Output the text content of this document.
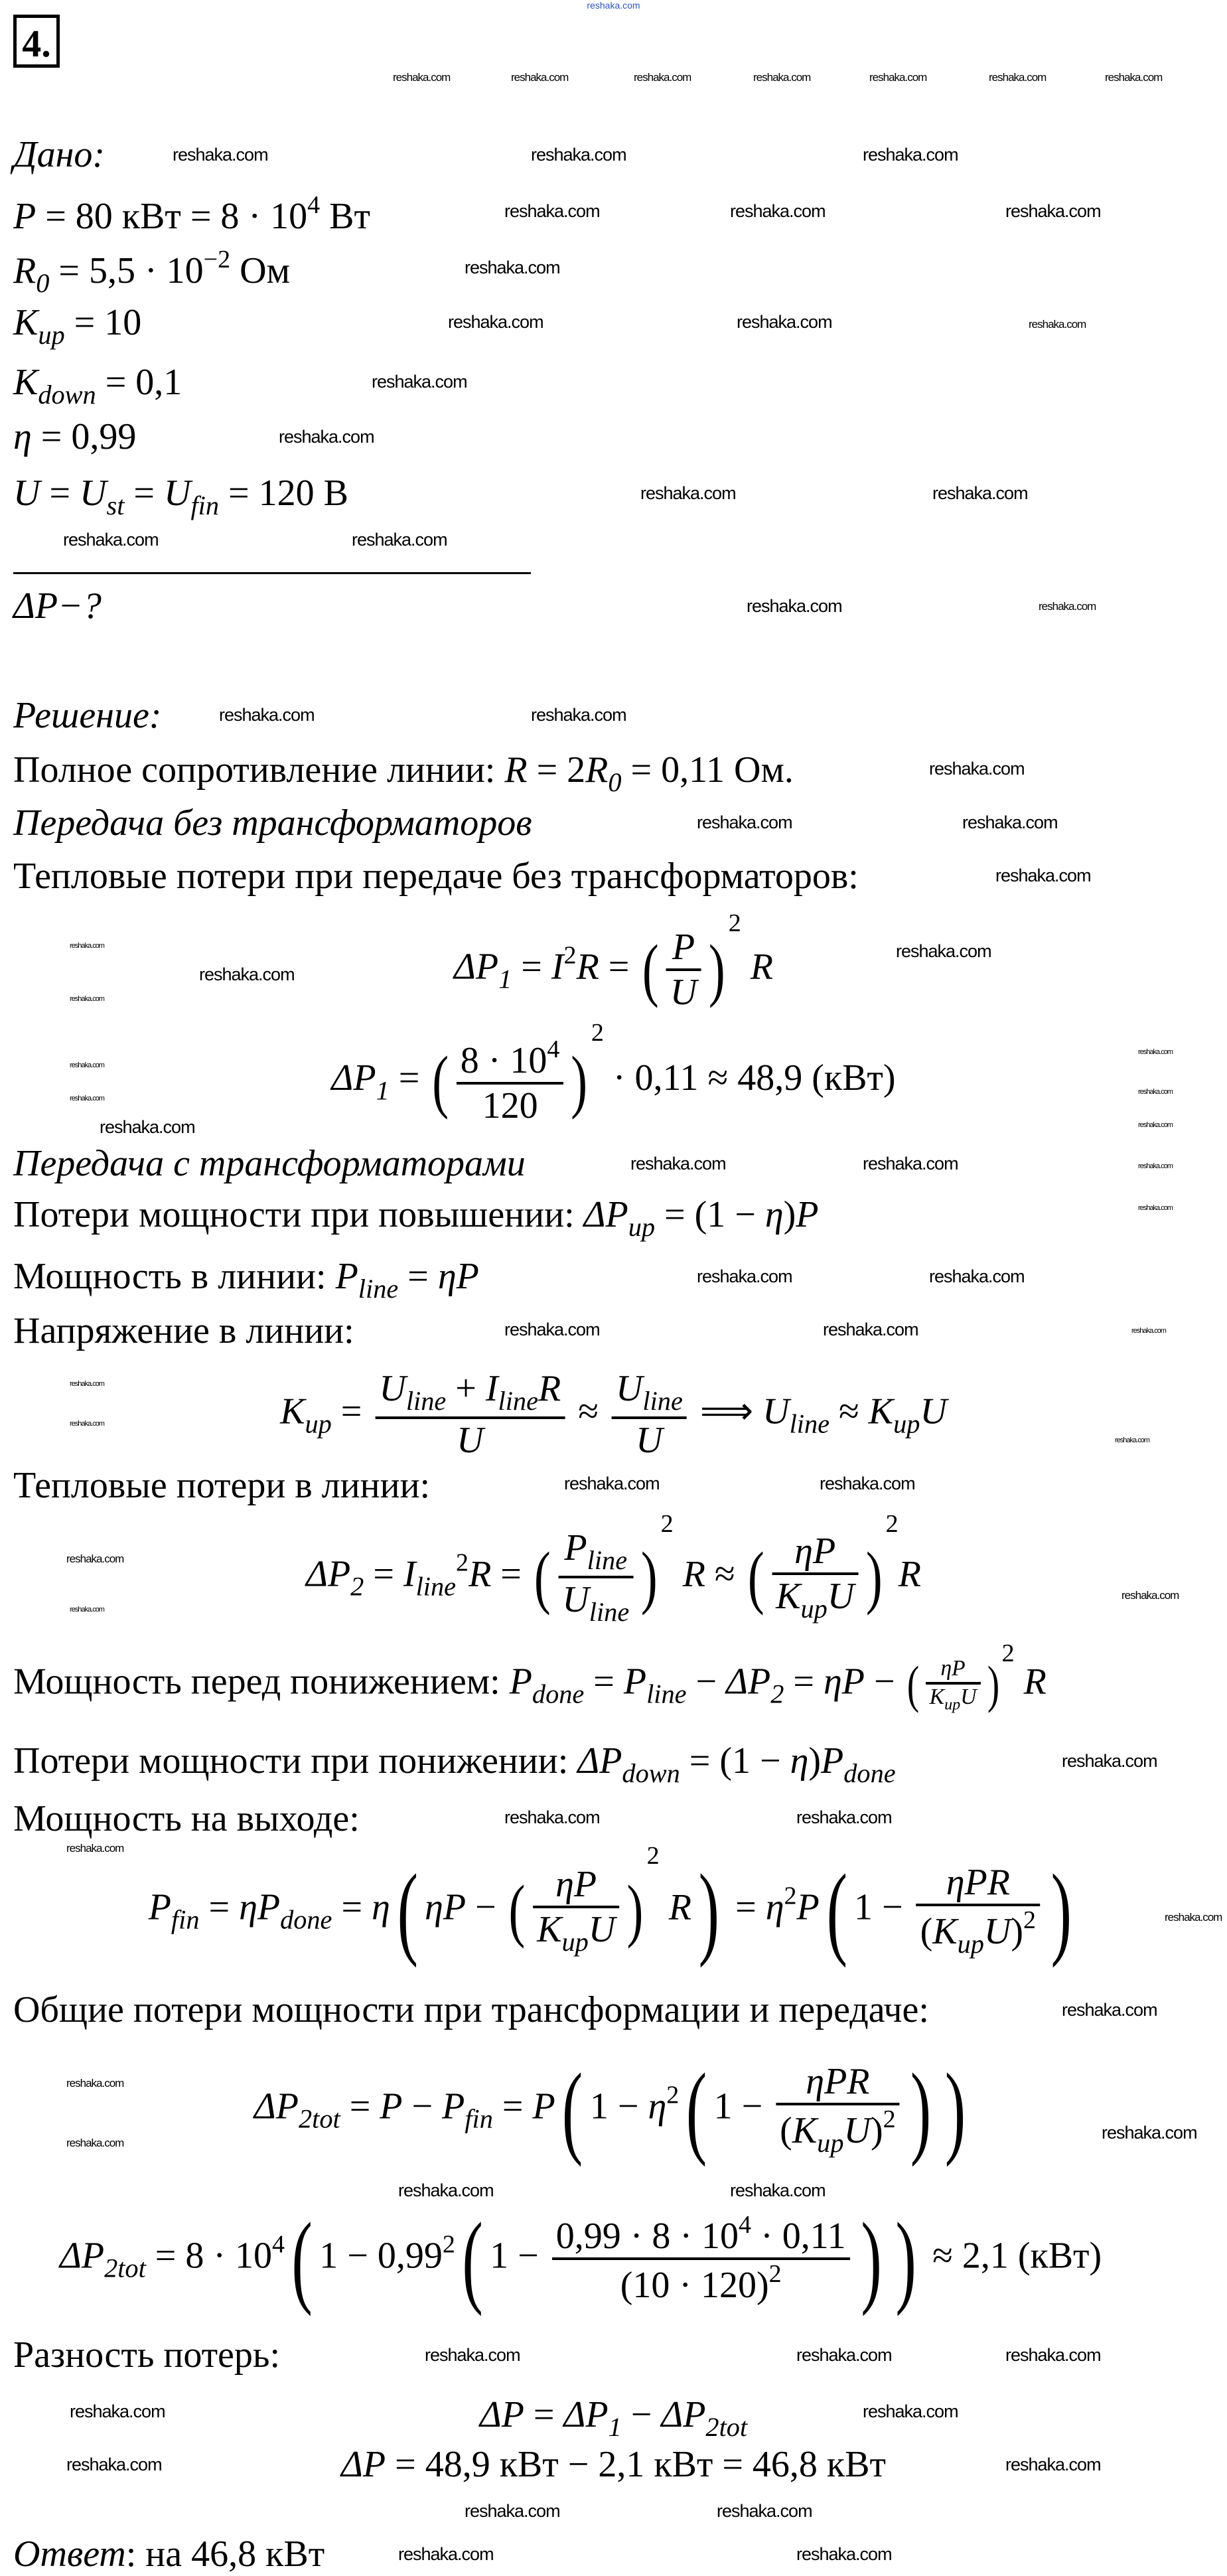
reshaka.com
4.
Дано:
P = 80 кВт = $8 \cdot 10^4$ Вт
$R_0 = 5,5 \cdot 10^{-2}$ Ом
$K_{up} = 10$
$K_{down} = 0,1$
η = 0,99
$U = U_{st} = U_{fin} = 120$ В
ΔP−?
Решение:
Полное сопротивление линии: $R = 2R_0 = 0,11$ Ом.
Передача без трансформаторов
Тепловые потери при передаче без трансформаторов:
$\Delta P_1 = I^2R$ = ( $\frac{P}{U} )2$ R
$\Delta P_1$ = ( $\frac{8 \cdot 10^4}{120} )2 \cdot 0,11 \approx 48,9$ (кВт)
Передача с трансформаторами
Потери мощности при повышении: $\Delta P_{up} = (1 - \eta)P$
Мощность в линии: $P_{line} = \eta P$
Напряжение в линии:
$K_{up} = \frac{U_{line} + I_{line}R}{U} \approx \frac{U_{line}}{U}$ ⟹ $U_{line} \approx K_{up}U$
Тепловые потери в линии:
$\Delta P_2 = I_{line}^2R$ = ( $\frac{P_{line}}{U_{line}} )2$ R ≈ ( $\frac{\eta P}{K_{up}U} )2R$
Мощность перед понижением: $P_{done} = P_{line} - \Delta P_2 = \eta P$ − ( $\frac{\eta P}{K_{up}U} )2$ R
Потери мощности при понижении: $\Delta P_{down} = (1 - \eta)P_{done}$
Мощность на выходе:
$P_{fin} = \eta P_{done} = \eta$( ηP − ( $\frac{\eta P}{K_{up}U} )2$ $R) = \eta^2P$( $1 - \frac{\text{ηPR}}{(K_{up}U)^2}$ )
Общие потери мощности при трансформации и передаче:
$\Delta P_{2tot} = P - P_{fin} = P$( $1 - \eta^2$( $1 - \frac{\text{ηPR}}{(K_{up}U)^2}$ ) )
$\Delta P_{2tot} = 8 \cdot 10^4$( $1 - 0,99^2$( $1 - \frac{0,99 \cdot 8 \cdot 10^4 \cdot 0,11}{(10 \cdot 120)^2}$ ) ) ≈ 2,1 (кВт)
Разность потерь:
$\Delta P = \Delta P_1 - \Delta P_{2tot}$
ΔP = 48,9 кВт − 2,1 кВт = 46,8 кВт
Ответ: на 46,8 кВт
reshaka.com	reshaka.com	reshaka.com	reshaka.com	reshaka.com	reshaka.com	reshaka.com
reshaka.com	reshaka.com	reshaka.com
reshaka.com	reshaka.com	reshaka.com
reshaka.com
reshaka.com	reshaka.com	reshaka.com
reshaka.com
reshaka.com
reshaka.com	reshaka.com
reshaka.com	reshaka.com
reshaka.com	reshaka.com
reshaka.com	reshaka.com
reshaka.com
reshaka.com	reshaka.com
reshaka.com
reshaka.com
reshaka.com
reshaka.com
reshaka.com
reshaka.com
reshaka.com
reshaka.com
reshaka.com
reshaka.com
reshaka.com
reshaka.com	reshaka.com	reshaka.com
reshaka.com
reshaka.com	reshaka.com
reshaka.com	reshaka.com	reshaka.com
reshaka.com
reshaka.com
reshaka.com
reshaka.com	reshaka.com
reshaka.com
reshaka.com
reshaka.com
reshaka.com
reshaka.com	reshaka.com
reshaka.com
reshaka.com
reshaka.com
reshaka.com
reshaka.com
reshaka.com
reshaka.com	reshaka.com
reshaka.com	reshaka.com	reshaka.com
reshaka.com	reshaka.com
reshaka.com	reshaka.com
reshaka.com	reshaka.com
reshaka.com	reshaka.com
